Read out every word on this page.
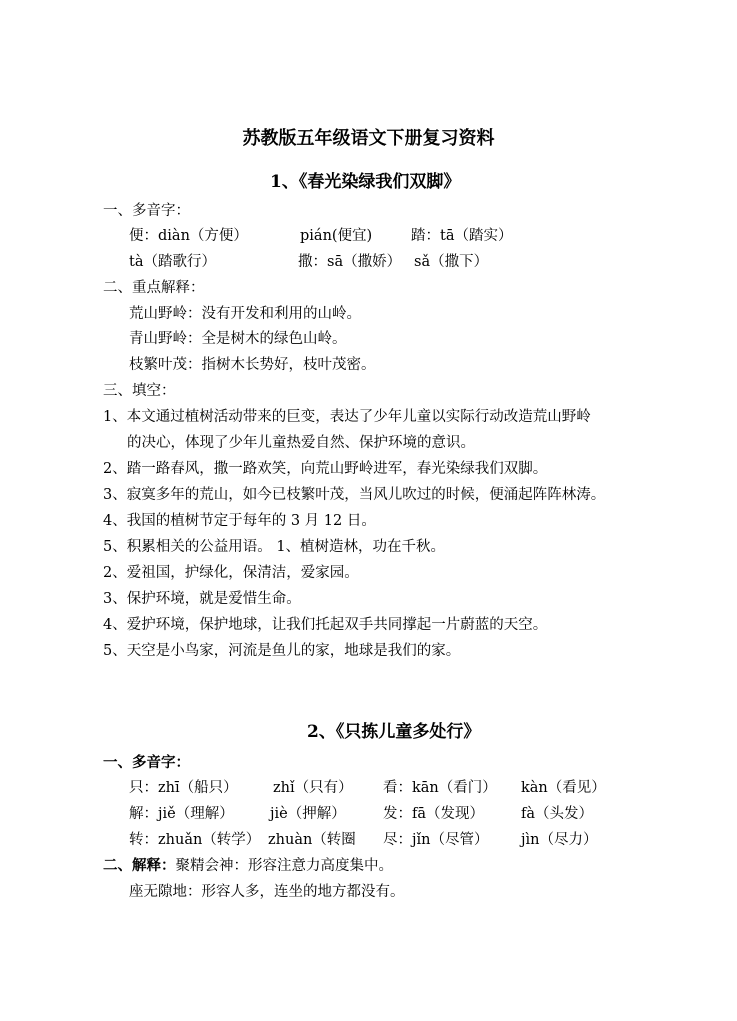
苏教版五年级语文下册复习资料
1、《春光染绿我们双脚》
一、多音字：
便：diàn（方便）	pián(便宜)	踏：tā（踏实）
tà（踏歌行）	撒：sā（撒娇） sǎ（撒下）
二、重点解释：
荒山野岭：没有开发和利用的山岭。
青山野岭：全是树木的绿色山岭。
枝繁叶茂：指树木长势好，枝叶茂密。
三、填空：
1、本文通过植树活动带来的巨变，表达了少年儿童以实际行动改造荒山野岭
的决心，体现了少年儿童热爱自然、保护环境的意识。
2、踏一路春风，撒一路欢笑，向荒山野岭进军，春光染绿我们双脚。
3、寂寞多年的荒山，如今已枝繁叶茂，当风儿吹过的时候，便涌起阵阵林涛。
4、我国的植树节定于每年的 3 月 12 日。
5、积累相关的公益用语。 1、植树造林，功在千秋。
2、爱祖国，护绿化，保清洁，爱家园。
3、保护环境，就是爱惜生命。
4、爱护环境，保护地球，让我们托起双手共同撑起一片蔚蓝的天空。
5、天空是小鸟家，河流是鱼儿的家，地球是我们的家。
2、《只拣儿童多处行》
一、多音字：
只：zhī（船只） zhǐ（只有） 看：kān（看门） kàn（看见）
解：jiě（理解）	jiè（押解）	发：fā（发现）	fà（头发）
转：zhuǎn（转学） zhuàn（转圈 尽：jǐn（尽管） jìn（尽力）
二、解释：聚精会神：形容注意力高度集中。
座无隙地：形容人多，连坐的地方都没有。
